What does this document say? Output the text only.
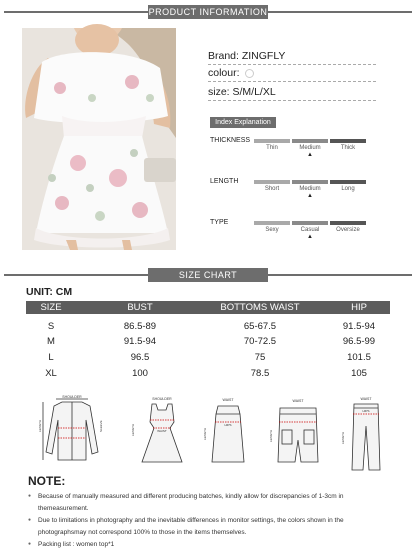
PRODUCT INFORMATION
Brand: ZINGFLY
colour:
size: S/M/L/XL
Index Explanation
THICKNESS
Thin	Medium	Thick
▲
LENGTH
Short	Medium	Long
▲
TYPE
Sexy	Casual	Oversize
▲
SIZE CHART
UNIT: CM
SIZE	BUST	BOTTOMS WAIST	HIP
S	86.5-89	65-67.5	91.5-94
M	91.5-94	70-72.5	96.5-99
L	96.5	75	101.5
XL	100	78.5	105
SHOULDER
LENGTH	SLEEVE
SHOULDER
WAIST
LENGTH
WAIST
HIPS
LENGTH
WAIST
LENGTH
WAIST
HIPS
LENGTH
NOTE:
● Because of manually measured and different producing batches, kindly allow for discrepancies of 1-3cm in
themeasurement.
● Due to limitations in photography and the inevitable differences in monitor settings, the colors shown in the
photographsmay not correspond 100% to those in the items themselves.
● Packing list : women top*1
